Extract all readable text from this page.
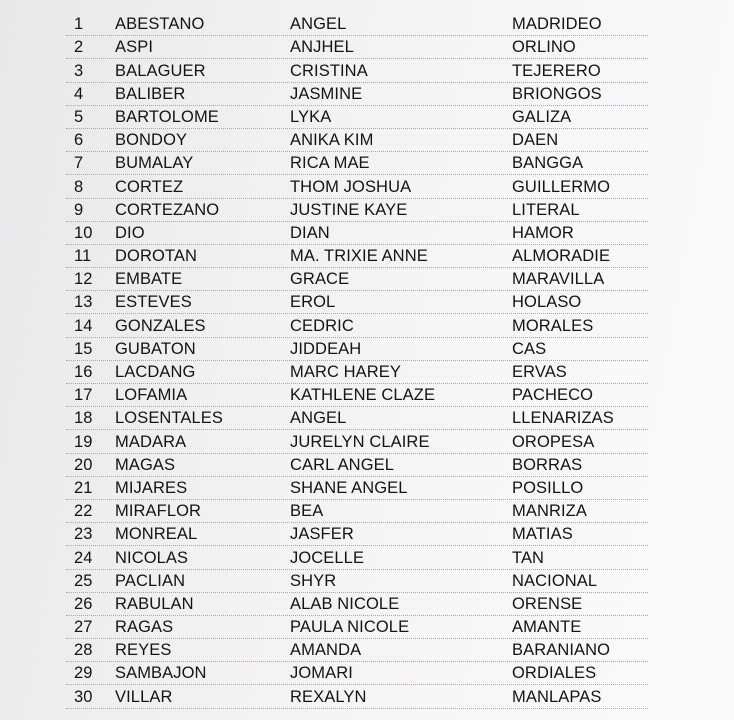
1 ABESTANO	ANGEL	MADRIDEO
2 ASPI	ANJHEL	ORLINO
3 BALAGUER	CRISTINA	TEJERERO
4 BALIBER	JASMINE	BRIONGOS
5 BARTOLOME	LYKA	GALIZA
6 BONDOY	ANIKA KIM	DAEN
7 BUMALAY	RICA MAE	BANGGA
8 CORTEZ	THOM JOSHUA	GUILLERMO
9 CORTEZANO	JUSTINE KAYE	LITERAL
10 DIO	DIAN	HAMOR
11 DOROTAN	MA. TRIXIE ANNE	ALMORADIE
12 EMBATE	GRACE	MARAVILLA
13 ESTEVES	EROL	HOLASO
14 GONZALES	CEDRIC	MORALES
15 GUBATON	JIDDEAH	CAS
16 LACDANG	MARC HAREY	ERVAS
17 LOFAMIA	KATHLENE CLAZE	PACHECO
18 LOSENTALES	ANGEL	LLENARIZAS
19 MADARA	JURELYN CLAIRE	OROPESA
20 MAGAS	CARL ANGEL	BORRAS
21 MIJARES	SHANE ANGEL	POSILLO
22 MIRAFLOR	BEA	MANRIZA
23 MONREAL	JASFER	MATIAS
24 NICOLAS	JOCELLE	TAN
25 PACLIAN	SHYR	NACIONAL
26 RABULAN	ALAB NICOLE	ORENSE
27 RAGAS	PAULA NICOLE	AMANTE
28 REYES	AMANDA	BARANIANO
29 SAMBAJON	JOMARI	ORDIALES
30 VILLAR	REXALYN	MANLAPAS
